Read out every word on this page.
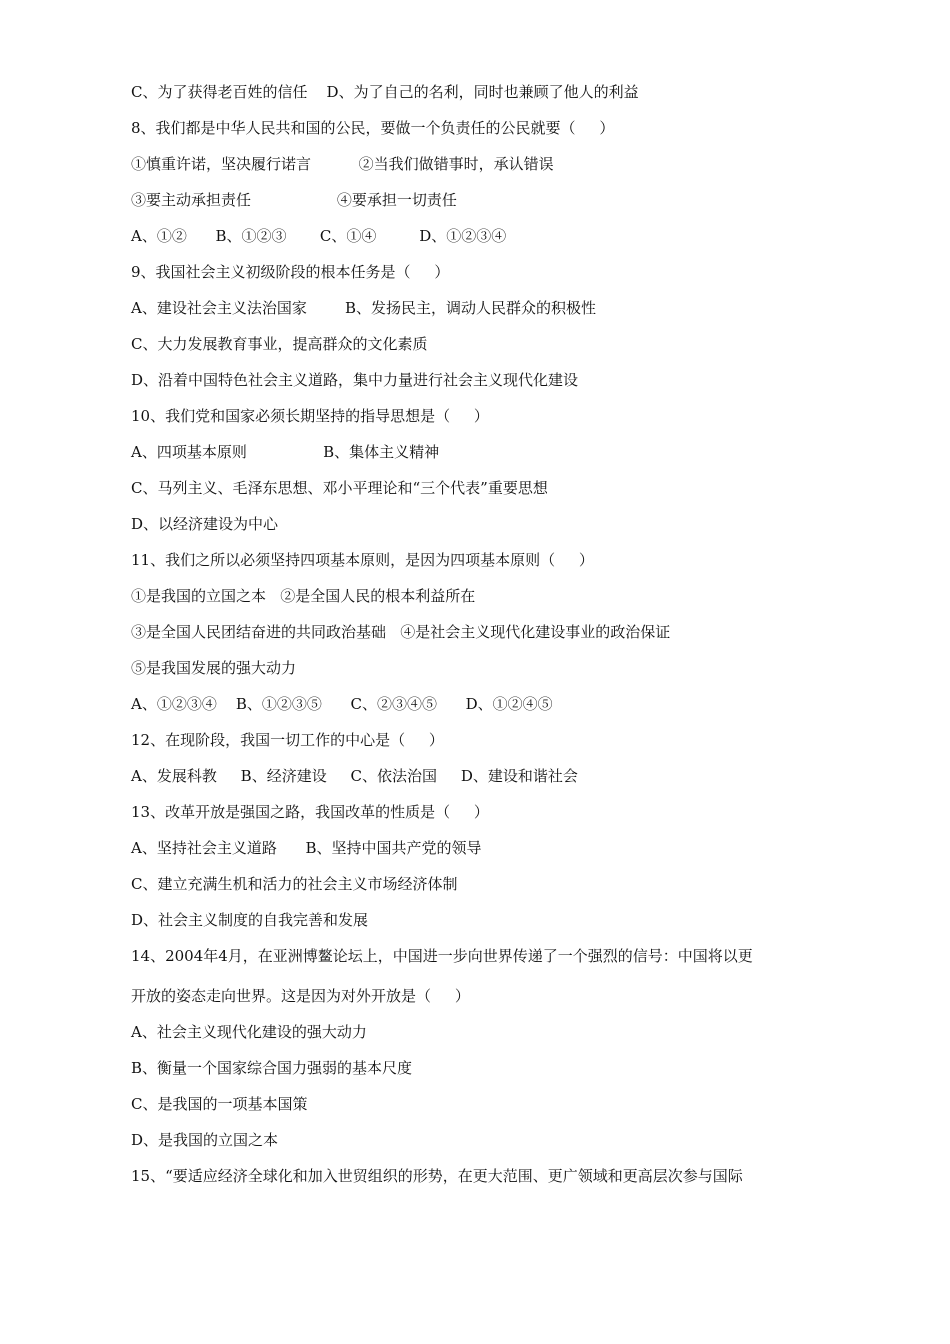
C、为了获得老百姓的信任    D、为了自己的名利，同时也兼顾了他人的利益
8、我们都是中华人民共和国的公民，要做一个负责任的公民就要（     ）
①慎重许诺，坚决履行诺言          ②当我们做错事时，承认错误
③要主动承担责任                  ④要承担一切责任
A、①②      B、①②③       C、①④         D、①②③④
9、我国社会主义初级阶段的根本任务是（     ）
A、建设社会主义法治国家        B、发扬民主，调动人民群众的积极性
C、大力发展教育事业，提高群众的文化素质
D、沿着中国特色社会主义道路，集中力量进行社会主义现代化建设
10、我们党和国家必须长期坚持的指导思想是（     ）
A、四项基本原则                B、集体主义精神
C、马列主义、毛泽东思想、邓小平理论和“三个代表”重要思想
D、以经济建设为中心
11、我们之所以必须坚持四项基本原则，是因为四项基本原则（     ）
①是我国的立国之本   ②是全国人民的根本利益所在
③是全国人民团结奋进的共同政治基础   ④是社会主义现代化建设事业的政治保证
⑤是我国发展的强大动力
A、①②③④    B、①②③⑤      C、②③④⑤      D、①②④⑤
12、在现阶段，我国一切工作的中心是（     ）
A、发展科教     B、经济建设     C、依法治国     D、建设和谐社会
13、改革开放是强国之路，我国改革的性质是（     ）
A、坚持社会主义道路      B、坚持中国共产党的领导
C、建立充满生机和活力的社会主义市场经济体制
D、社会主义制度的自我完善和发展
14、2004年4月，在亚洲博鳌论坛上，中国进一步向世界传递了一个强烈的信号：中国将以更
开放的姿态走向世界。这是因为对外开放是（     ）
A、社会主义现代化建设的强大动力
B、衡量一个国家综合国力强弱的基本尺度
C、是我国的一项基本国策
D、是我国的立国之本
15、“要适应经济全球化和加入世贸组织的形势，在更大范围、更广领域和更高层次参与国际
